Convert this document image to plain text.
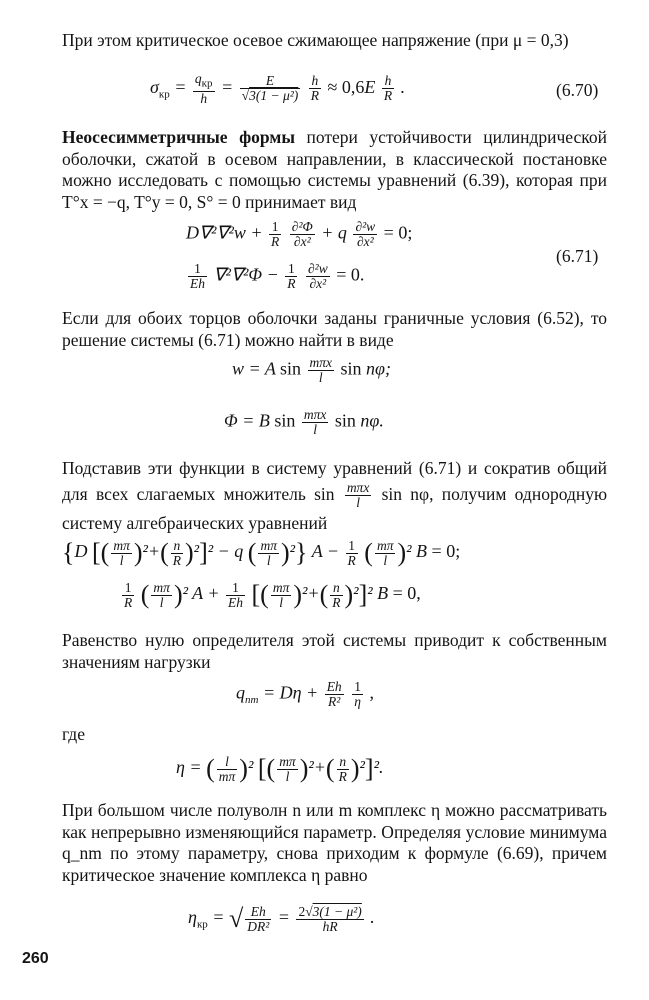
При этом критическое осевое сжимающее напряжение (при μ = 0,3)

$\sigma_{кр} = \frac{q_{кр}}{h} = \frac{E}{\text{√3(1 − μ²)}}$
$\frac{h}{R} \approx 0,6E \frac{h}{R}$ .	(6.70)

Неосесимметричные формы потери устойчивости цилиндрической оболочки, сжатой в осевом направлении, в классической постановке можно исследовать с помощью системы уравнений (6.39), которая при T°x = −q, T°y = 0, S° = 0 принимает вид

$D\nabla^2\nabla^2w + \frac{1}{R}$
$\frac{\text{∂²Φ}}{\text{∂x²}} + q \frac{\text{∂²w}}{\text{∂x²}} = 0$;
$\frac{1}{Eh} \nabla^2\nabla^2\Phi - \frac{1}{R}$
$\frac{\text{∂²w}}{\text{∂x²}} = 0$.
(6.71)

Если для обоих торцов оболочки заданы граничные условия (6.52), то решение системы (6.71) можно найти в виде

w = A $\sin \frac{\text{mπx}}{l}$ sin nφ;
Φ = B $\sin \frac{\text{mπx}}{l}$ sin nφ.

Подставив эти функции в систему уравнений (6.71) и сократив общий для всех слагаемых множитель $\sin \frac{\text{mπx}}{l}$ sin nφ, получим однородную систему алгебраических уравнений

{D [( $\frac{m\pi}{l} )^2+( \frac{n}{R} )^2]^2 - q$ ( $\frac{m\pi}{l} )^2$} $A - \frac{1}{R}$ ( $\frac{m\pi}{l} )^2$ B = 0;
$\frac{1}{R}$ ( $\frac{m\pi}{l} )^2$ $A + \frac{1}{Eh}$ [( $\frac{m\pi}{l} )^2+( \frac{n}{R} )^2]^2$ B = 0,

Равенство нулю определителя этой системы приводит к собственным значениям нагрузки

$q_{nm} = D\eta + \frac{Eh}{\text{R²}}$
$\frac{1}{\eta}$ ,
где
η = ( $\frac{l}{m\pi} )^2$ [( $\frac{m\pi}{l} )^2+( \frac{n}{R} )^2]^2$.

При большом числе полуволн n или m комплекс η можно рассматривать как непрерывно изменяющийся параметр. Определяя условие минимума q_nm по этому параметру, снова приходим к формуле (6.69), причем критическое значение комплекса η равно

$\eta_{кр}$ = √ $\frac{Eh}{\text{DR²}} = \frac{\text{2√3(1 − μ²)}}{hR}$ .
260
